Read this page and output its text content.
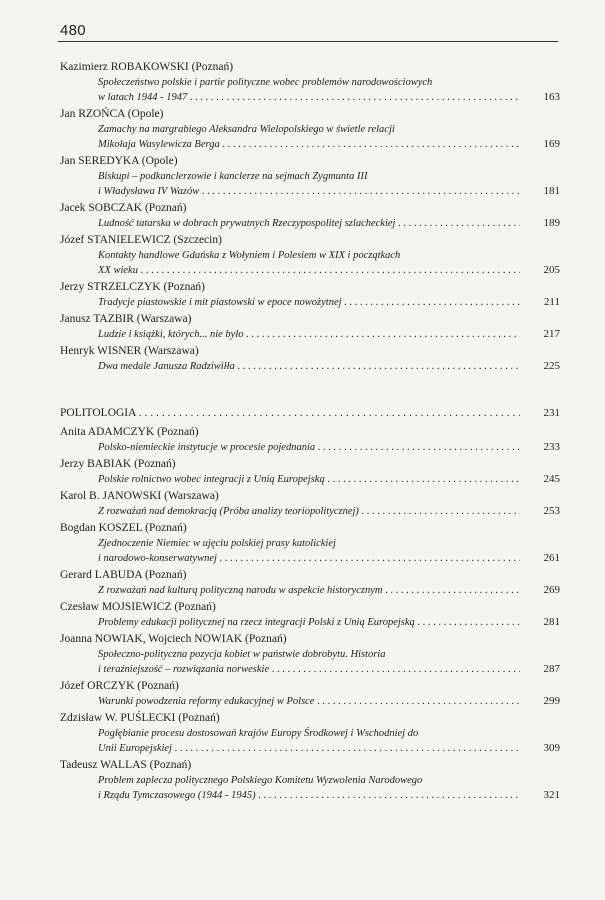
480
Kazimierz ROBAKOWSKI (Poznań)
Społeczeństwo polskie i partie polityczne wobec problemów narodowościowych
w latach 1944 - 1947	163
. . .
Jan RZOŃCA (Opole)
Zamachy na margrabiego Aleksandra Wielopolskiego w świetle relacji
Mikołaja Wasylewicza Berga	169
. . .
Jan SEREDYKA (Opole)
Biskupi – podkanclerzowie i kanclerze na sejmach Zygmunta III
i Władysława IV Wazów	181
. . .
Jacek SOBCZAK (Poznań)
Ludność tatarska w dobrach prywatnych Rzeczypospolitej szlacheckiej	189
. . .
Józef STANIELEWICZ (Szczecin)
Kontakty handlowe Gdańska z Wołyniem i Polesiem w XIX i początkach
XX wieku	205
. . .
Jerzy STRZELCZYK (Poznań)
Tradycje piastowskie i mit piastowski w epoce nowożytnej	211
. . .
Janusz TAZBIR (Warszawa)
Ludzie i książki, których... nie było	217
. . .
Henryk WISNER (Warszawa)
Dwa medale Janusza Radziwiłła	225
. . .
POLITOLOGIA	231
. . .
Anita ADAMCZYK (Poznań)
Polsko-niemieckie instytucje w procesie pojednania	233
. . .
Jerzy BABIAK (Poznań)
Polskie rolnictwo wobec integracji z Unią Europejską	245
. . .
Karol B. JANOWSKI (Warszawa)
Z rozważań nad demokracją (Próba analizy teoriopolitycznej)	253
. . .
Bogdan KOSZEL (Poznań)
Zjednoczenie Niemiec w ujęciu polskiej prasy katolickiej
i narodowo-konserwatywnej	261
. . .
Gerard LABUDA (Poznań)
Z rozważań nad kulturą polityczną narodu w aspekcie historycznym	269
. . .
Czesław MOJSIEWICZ (Poznań)
Problemy edukacji politycznej na rzecz integracji Polski z Unią Europejską	281
. . .
Joanna NOWIAK, Wojciech NOWIAK (Poznań)
Społeczno-polityczna pozycja kobiet w państwie dobrobytu. Historia
i teraźniejszość – rozwiązania norweskie	287
. . .
Józef ORCZYK (Poznań)
Warunki powodzenia reformy edukacyjnej w Polsce	299
. . .
Zdzisław W. PUŚLECKI (Poznań)
Pogłębianie procesu dostosowań krajów Europy Środkowej i Wschodniej do
Unii Europejskiej	309
. . .
Tadeusz WALLAS (Poznań)
Problem zaplecza politycznego Polskiego Komitetu Wyzwolenia Narodowego
i Rządu Tymczasowego (1944 - 1945)	321
. . .
